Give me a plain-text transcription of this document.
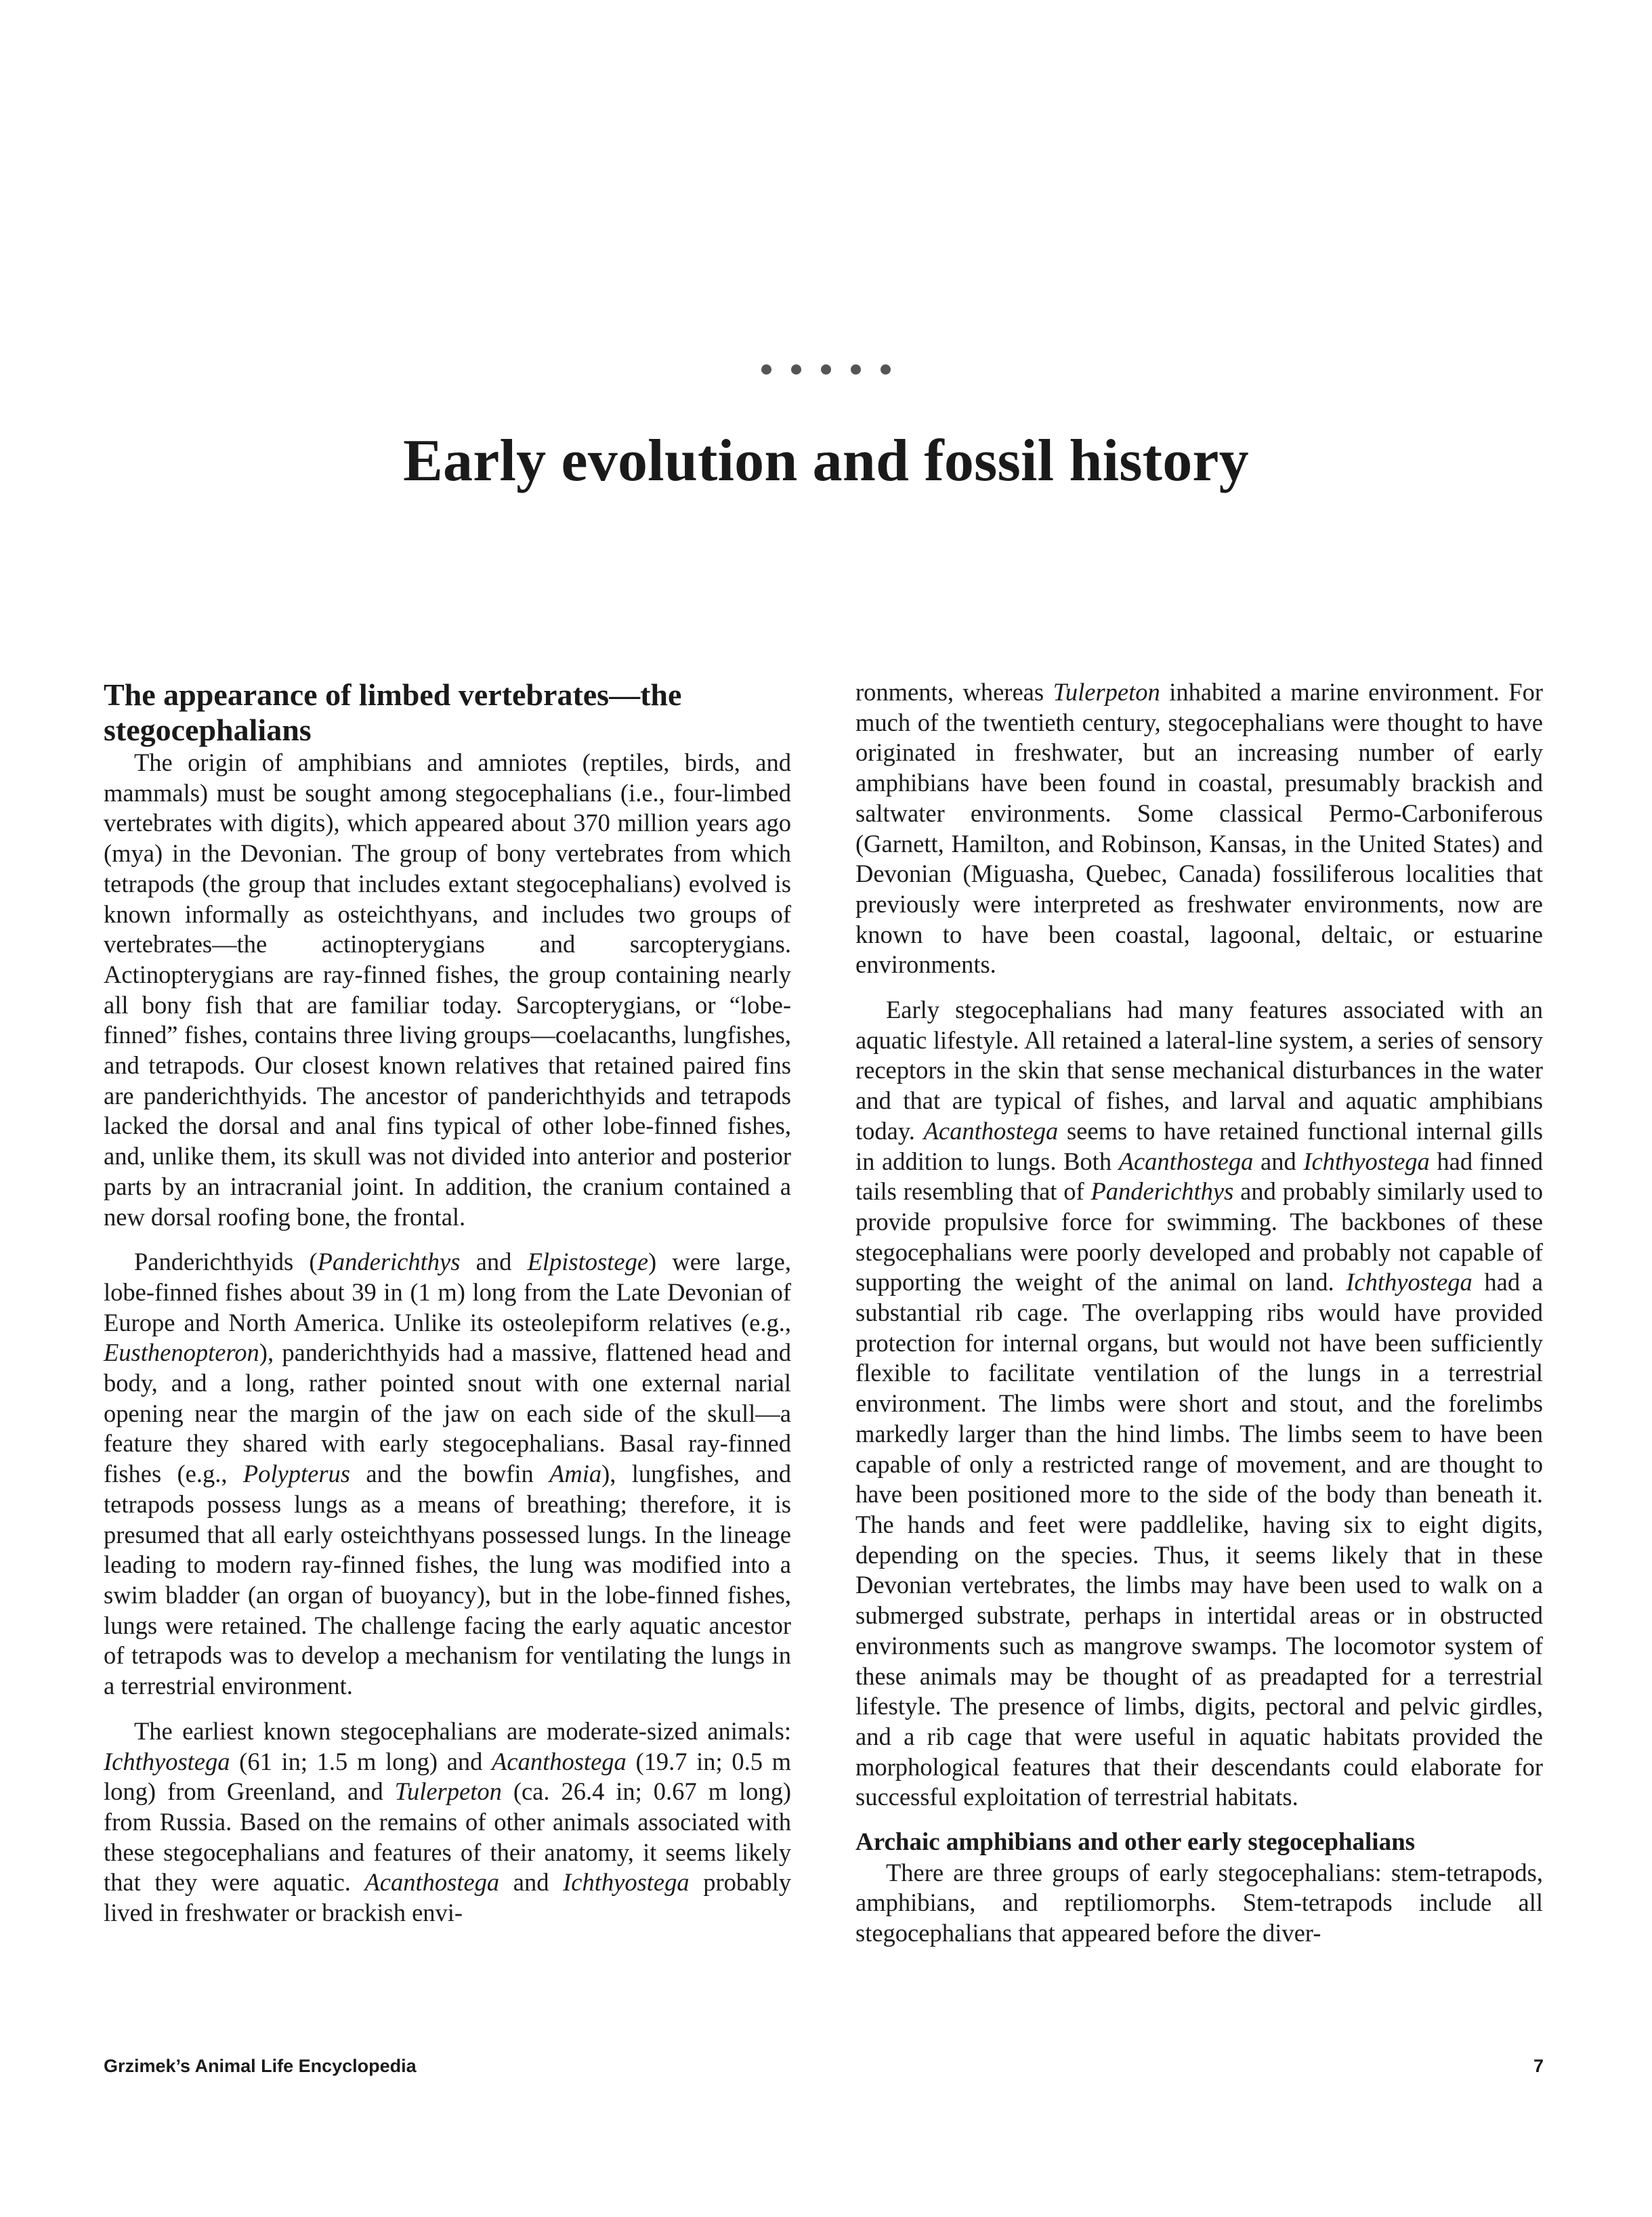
Early evolution and fossil history
The appearance of limbed vertebrates—the stegocephalians

The origin of amphibians and amniotes (reptiles, birds, and mammals) must be sought among stegocephalians (i.e., four-limbed vertebrates with digits), which appeared about 370 million years ago (mya) in the Devonian. The group of bony vertebrates from which tetrapods (the group that includes extant stegocephalians) evolved is known informally as osteichthyans, and includes two groups of vertebrates—the actinopterygians and sarcopterygians. Actinopterygians are ray-finned fishes, the group containing nearly all bony fish that are familiar today. Sarcopterygians, or “lobe-finned” fishes, contains three living groups—coelacanths, lungfishes, and tetrapods. Our closest known relatives that retained paired fins are panderichthyids. The ancestor of panderichthyids and tetrapods lacked the dorsal and anal fins typical of other lobe-finned fishes, and, unlike them, its skull was not divided into anterior and posterior parts by an intracranial joint. In addition, the cranium contained a new dorsal roofing bone, the frontal.

Panderichthyids (Panderichthys and Elpistostege) were large, lobe-finned fishes about 39 in (1 m) long from the Late Devonian of Europe and North America. Unlike its osteolepiform relatives (e.g., Eusthenopteron), panderichthyids had a massive, flattened head and body, and a long, rather pointed snout with one external narial opening near the margin of the jaw on each side of the skull—a feature they shared with early stegocephalians. Basal ray-finned fishes (e.g., Polypterus and the bowfin Amia), lungfishes, and tetrapods possess lungs as a means of breathing; therefore, it is presumed that all early osteichthyans possessed lungs. In the lineage leading to modern ray-finned fishes, the lung was modified into a swim bladder (an organ of buoyancy), but in the lobe-finned fishes, lungs were retained. The challenge facing the early aquatic ancestor of tetrapods was to develop a mechanism for ventilating the lungs in a terrestrial environment.

The earliest known stegocephalians are moderate-sized animals: Ichthyostega (61 in; 1.5 m long) and Acanthostega (19.7 in; 0.5 m long) from Greenland, and Tulerpeton (ca. 26.4 in; 0.67 m long) from Russia. Based on the remains of other animals associated with these stegocephalians and features of their anatomy, it seems likely that they were aquatic. Acanthostega and Ichthyostega probably lived in freshwater or brackish envi-

ronments, whereas Tulerpeton inhabited a marine environment. For much of the twentieth century, stegocephalians were thought to have originated in freshwater, but an increasing number of early amphibians have been found in coastal, presumably brackish and saltwater environments. Some classical Permo-Carboniferous (Garnett, Hamilton, and Robinson, Kansas, in the United States) and Devonian (Miguasha, Quebec, Canada) fossiliferous localities that previously were interpreted as freshwater environments, now are known to have been coastal, lagoonal, deltaic, or estuarine environments.

Early stegocephalians had many features associated with an aquatic lifestyle. All retained a lateral-line system, a series of sensory receptors in the skin that sense mechanical disturbances in the water and that are typical of fishes, and larval and aquatic amphibians today. Acanthostega seems to have retained functional internal gills in addition to lungs. Both Acanthostega and Ichthyostega had finned tails resembling that of Panderichthys and probably similarly used to provide propulsive force for swimming. The backbones of these stegocephalians were poorly developed and probably not capable of supporting the weight of the animal on land. Ichthyostega had a substantial rib cage. The overlapping ribs would have provided protection for internal organs, but would not have been sufficiently flexible to facilitate ventilation of the lungs in a terrestrial environment. The limbs were short and stout, and the forelimbs markedly larger than the hind limbs. The limbs seem to have been capable of only a restricted range of movement, and are thought to have been positioned more to the side of the body than beneath it. The hands and feet were paddlelike, having six to eight digits, depending on the species. Thus, it seems likely that in these Devonian vertebrates, the limbs may have been used to walk on a submerged substrate, perhaps in intertidal areas or in obstructed environments such as mangrove swamps. The locomotor system of these animals may be thought of as preadapted for a terrestrial lifestyle. The presence of limbs, digits, pectoral and pelvic girdles, and a rib cage that were useful in aquatic habitats provided the morphological features that their descendants could elaborate for successful exploitation of terrestrial habitats.

Archaic amphibians and other early stegocephalians

There are three groups of early stegocephalians: stem-tetrapods, amphibians, and reptiliomorphs. Stem-tetrapods include all stegocephalians that appeared before the diver-

Grzimek’s Animal Life Encyclopedia	7
